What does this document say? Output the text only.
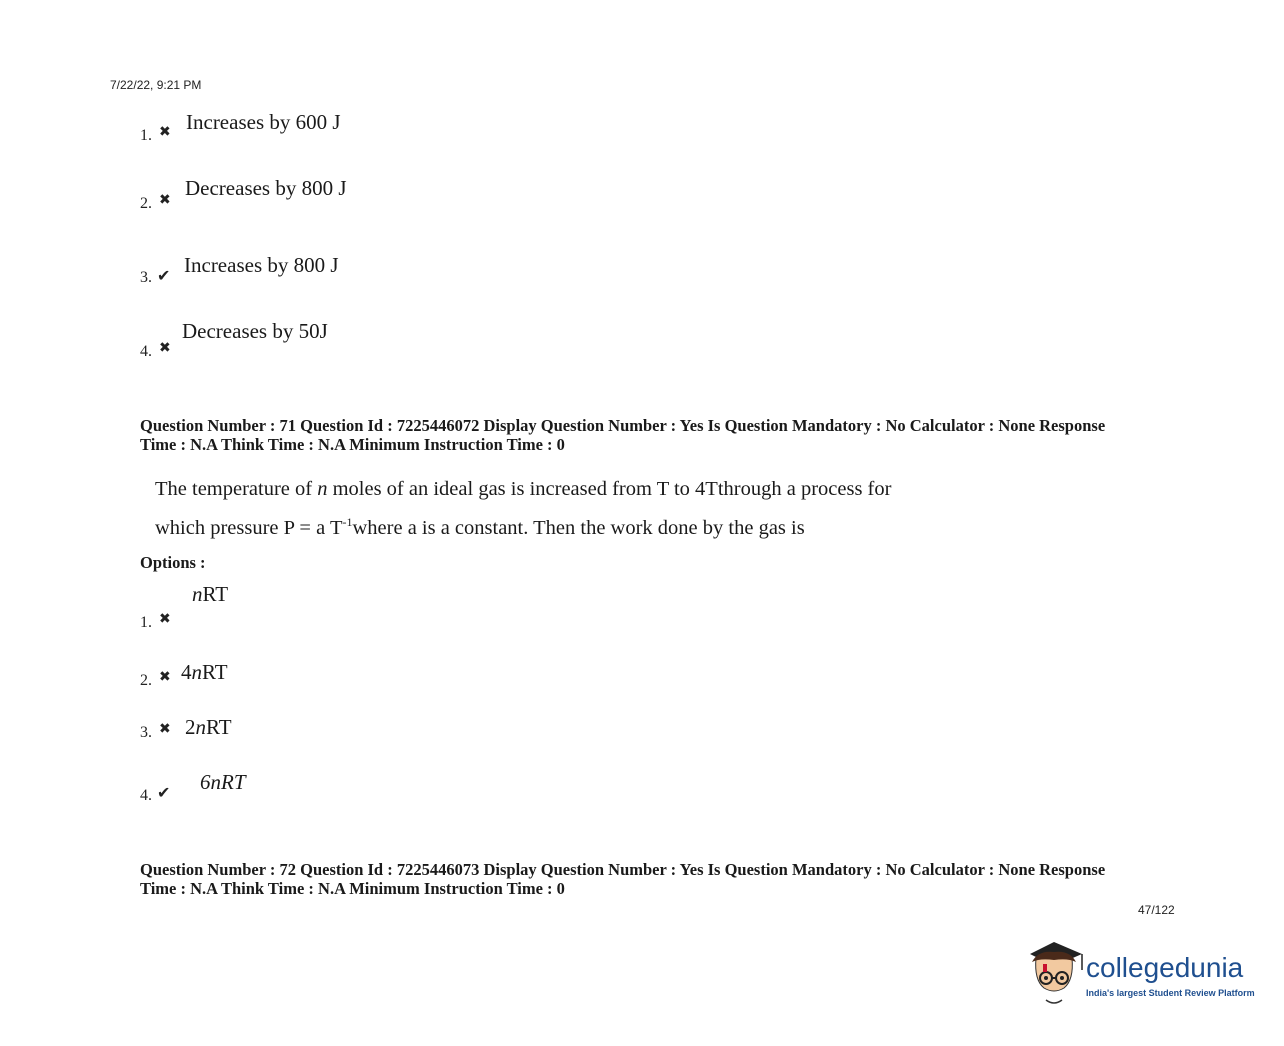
7/22/22, 9:21 PM
1. ✖ Increases by 600 J
2. ✖
Decreases by 800 J
3. ✔ Increases by 800 J
4. ✖
Decreases by 50J
Question Number : 71 Question Id : 7225446072 Display Question Number : Yes Is Question Mandatory : No Calculator : None Response
Time : N.A Think Time : N.A Minimum Instruction Time : 0
The temperature of n moles of an ideal gas is increased from T to 4Tthrough a process for
which pressure P = a $T^{-1}where$ a is a constant. Then the work done by the gas is
Options :
1. ✖
nRT
2. ✖ 4nRT
3. ✖ 2nRT
4. ✔ 6nRT
Question Number : 72 Question Id : 7225446073 Display Question Number : Yes Is Question Mandatory : No Calculator : None Response
Time : N.A Think Time : N.A Minimum Instruction Time : 0
47/122
collegedunia
India's largest Student Review Platform
